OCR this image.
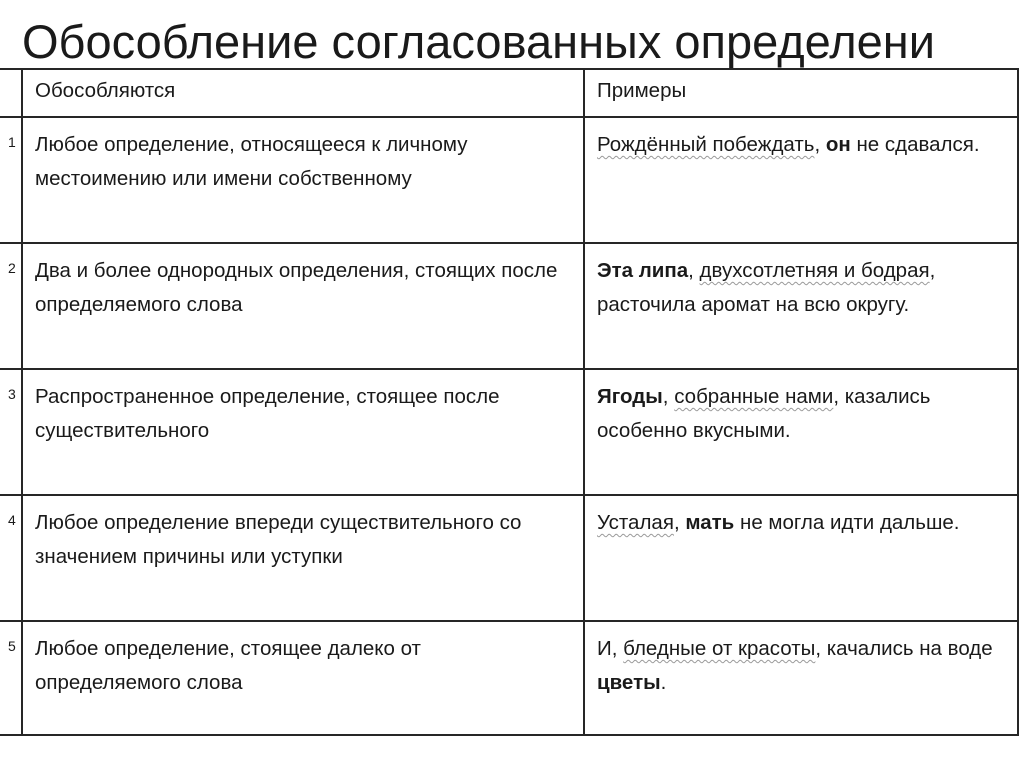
Обособление согласованных определени
	Обособляются	Примеры
1	Любое определение, относящееся к личному местоимению или имени собственному	Рождённый побеждать, он не сдавался.
2	Два и более однородных определения, стоящих после определяемого слова	Эта липа, двухсотлетняя и бодрая, расточила аромат на всю округу.
3	Распространенное определение, стоящее после существительного	Ягоды, собранные нами, казались особенно вкусными.
4	Любое определение впереди существительного со значением причины или уступки	Усталая, мать не могла идти дальше.
5	Любое определение, стоящее далеко от определяемого слова	И, бледные от красоты, качались на воде цветы.
